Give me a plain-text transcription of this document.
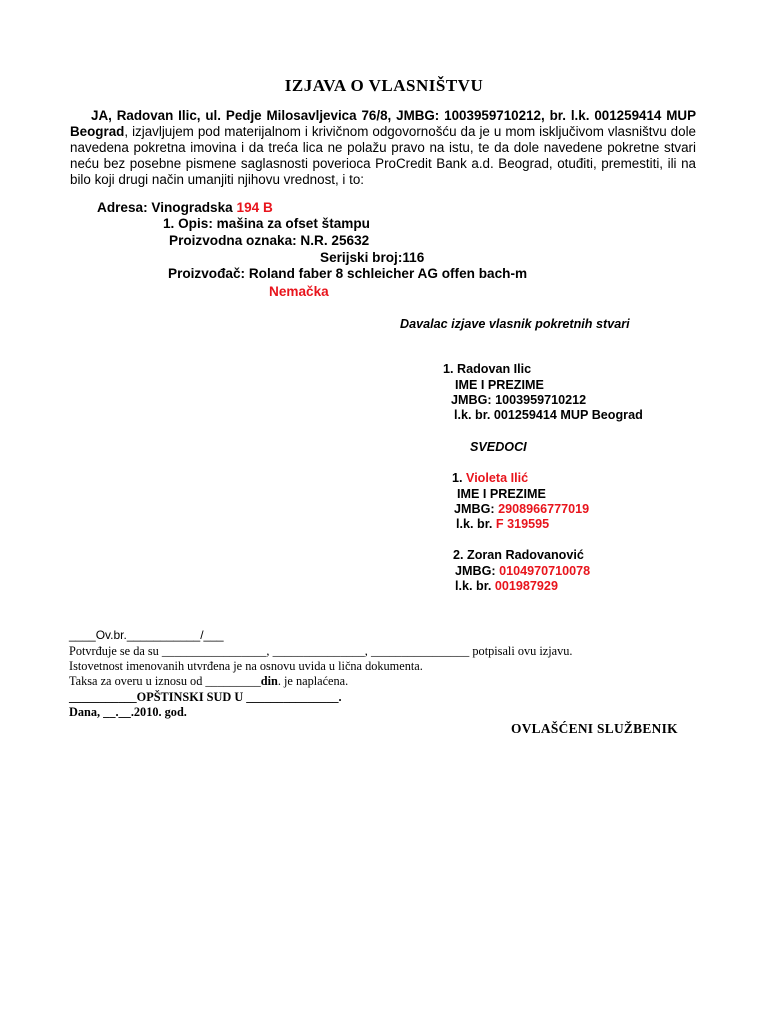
IZJAVA O VLASNIŠTVU
JA, Radovan Ilic, ul. Pedje Milosavljevica 76/8, JMBG: 1003959710212, br. l.k. 001259414 MUP Beograd, izjavljujem pod materijalnom i krivičnom odgovornošću da je u mom isključivom vlasništvu dole navedena pokretna imovina i da treća lica ne polažu pravo na istu, te da dole navedene pokretne stvari neću bez posebne pismene saglasnosti poverioca ProCredit Bank a.d. Beograd, otuđiti, premestiti, ili na bilo koji drugi način umanjiti njihovu vrednost, i to:
Adresa: Vinogradska 194 B
1. Opis: mašina za ofset štampu
Proizvodna oznaka: N.R. 25632
Serijski broj:116
Proizvođač: Roland faber 8 schleicher AG offen bach-m
Nemačka
Davalac izjave vlasnik pokretnih stvari
1. Radovan Ilic
IME I PREZIME
JMBG: 1003959710212
l.k. br. 001259414 MUP Beograd
SVEDOCI
1. Violeta Ilić
IME I PREZIME
JMBG: 2908966777019
l.k. br. F 319595
2. Zoran Radovanović
JMBG: 0104970710078
l.k. br. 001987929
____Ov.br.___________/___
Potvrđuje se da su _________________, _______________, ________________ potpisali ovu izjavu.
Istovetnost imenovanih utvrđena je na osnovu uvida u lična dokumenta.
Taksa za overu u iznosu od _________din. je naplaćena.
___________OPŠTINSKI SUD U _______________.
Dana, __.__.2010. god.
OVLAŠĆENI SLUŽBENIK
